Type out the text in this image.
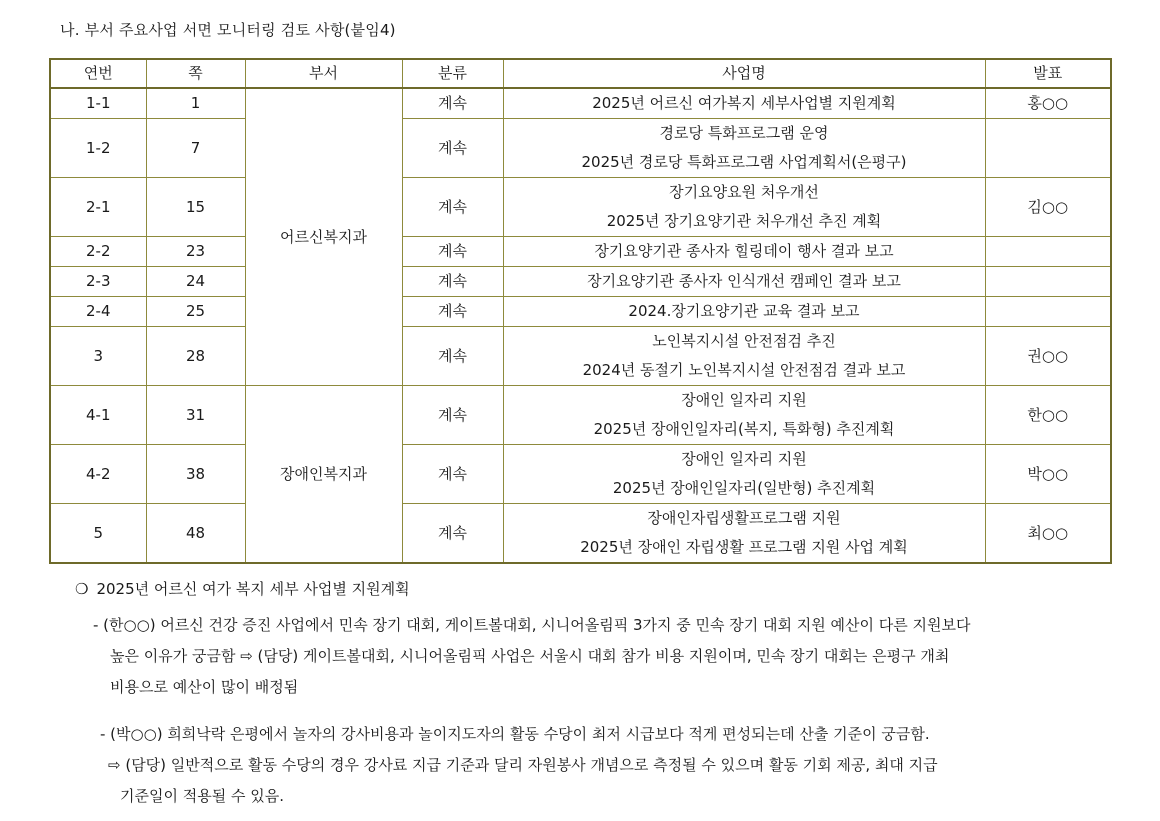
나. 부서 주요사업 서면 모니터링 검토 사항(붙임4)
연번	쪽	부서	분류	사업명	발표
1-1	1	어르신복지과	계속	2025년 어르신 여가복지 세부사업별 지원계획	홍○○
1-2	7		계속	경로당 특화프로그램 운영
2025년 경로당 특화프로그램 사업계획서(은평구)	

2-1	15		계속	장기요양요원 처우개선
2025년 장기요양기관 처우개선 추진 계획	김○○
2-2	23		계속	장기요양기관 종사자 힐링데이 행사 결과 보고	

2-3	24		계속	장기요양기관 종사자 인식개선 캠페인 결과 보고	

2-4	25		계속	2024.장기요양기관 교육 결과 보고	

3	28		계속	노인복지시설 안전점검 추진
2024년 동절기 노인복지시설 안전점검 결과 보고	권○○
4-1	31	장애인복지과	계속	장애인 일자리 지원
2025년 장애인일자리(복지, 특화형) 추진계획	한○○
4-2	38		계속	장애인 일자리 지원
2025년 장애인일자리(일반형) 추진계획	박○○
5	48		계속	장애인자립생활프로그램 지원
2025년 장애인 자립생활 프로그램 지원 사업 계획	최○○
❍ 2025년 어르신 여가 복지 세부 사업별 지원계획
- (한○○) 어르신 건강 증진 사업에서 민속 장기 대회, 게이트볼대회, 시니어올림픽 3가지 중 민속 장기 대회 지원 예산이 다른 지원보다
높은 이유가 궁금함 ⇨ (담당) 게이트볼대회, 시니어올림픽 사업은 서울시 대회 참가 비용 지원이며, 민속 장기 대회는 은평구 개최
비용으로 예산이 많이 배정됨
- (박○○) 희희낙락 은평에서 놀자의 강사비용과 놀이지도자의 활동 수당이 최저 시급보다 적게 편성되는데 산출 기준이 궁금함.
⇨ (담당) 일반적으로 활동 수당의 경우 강사료 지급 기준과 달리 자원봉사 개념으로 측정될 수 있으며 활동 기회 제공, 최대 지급
기준일이 적용될 수 있음.
